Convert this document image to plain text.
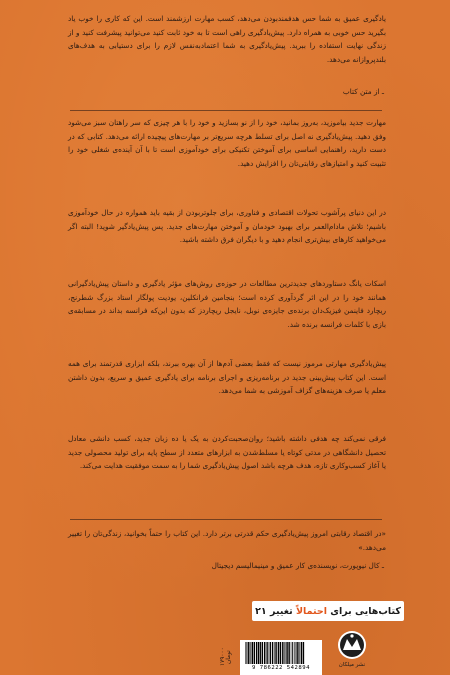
یادگیری عمیق به شما حس هدفمندبودن می‌دهد، کسب مهارت ارزشمند است. این که کاری را خوب یاد بگیرید حس خوبی به همراه دارد. پیش‌یادگیری راهی است تا به خود ثابت کنید می‌توانید پیشرفت کنید و از زندگی نهایت استفاده را ببرید. پیش‌یادگیری به شما اعتمادبه‌نفس لازم را برای دستیابی به هدف‌های بلندپروازانه می‌دهد.

ـ از متن کتاب

مهارت جدید بیاموزید، به‌روز بمانید، خود را از نو بسازید و خود را با هر چیزی که سر راهتان سبز می‌شود وفق دهید. پیش‌یادگیری نه اصل برای تسلط هرچه سریع‌تر بر مهارت‌های پیچیده ارائه می‌دهد. کتابی که در دست دارید، راهنمایی اساسی برای آموختن تکنیکی برای خودآموزی است تا با آن آینده‌ی شغلی خود را تثبیت کنید و امتیازهای رقابتی‌تان را افزایش دهید.

در این دنیای پرآشوب تحولات اقتصادی و فناوری، برای جلوتربودن از بقیه باید همواره در حال خودآموزی باشیم؛ تلاش مادام‌العمر برای بهبود خودمان و آموختن مهارت‌های جدید. پس پیش‌یادگیر شوید! البته اگر می‌خواهید کارهای بیش‌تری انجام دهید و با دیگران فرق داشته باشید.

اسکات یانگ دستاوردهای جدیدترین مطالعات در حوزه‌ی روش‌های مؤثر یادگیری و داستان پیش‌یادگیرانی همانند خود را در این اثر گردآوری کرده است؛ بنجامین فرانکلین، یودیت پولگار استاد بزرگ شطرنج، ریچارد فاینمن فیزیک‌دان برنده‌ی جایزه‌ی نوبل، نایجل ریچاردز که بدون این‌که فرانسه بداند در مسابقه‌ی بازی با کلمات فرانسه برنده شد.

پیش‌یادگیری مهارتی مرموز نیست که فقط بعضی آدم‌ها از آن بهره ببرند، بلکه ابزاری قدرتمند برای همه است. این کتاب پیش‌بینی جدید در برنامه‌ریزی و اجرای برنامه برای یادگیری عمیق و سریع، بدون داشتن معلم یا صرف هزینه‌های گزاف آموزشی به شما می‌دهد.

فرقی نمی‌کند چه هدفی داشته باشید؛ روان‌صحبت‌کردن به یک یا ده زبان جدید، کسب دانشی معادل تحصیل دانشگاهی در مدتی کوتاه یا مسلط‌شدن به ابزارهای متعدد از سطح پایه برای تولید محصولی جدید یا آغاز کسب‌وکاری تازه، هدف هرچه باشد اصول پیش‌یادگیری شما را به سمت موفقیت هدایت می‌کند.

«در اقتصاد رقابتی امروز پیش‌یادگیری حکم قدرتی برتر دارد. این کتاب را حتماً بخوانید، زندگی‌تان را تغییر می‌دهد.»

ـ کال نیوپورت، نویسنده‌ی کار عمیق و مینیمالیسم دیجیتال

کتاب‌هایی برای

احتمالاً

تغییر ۲۱
۱۷۹۰۰۰ تومان
9 786222 542894	نشر میلکان
